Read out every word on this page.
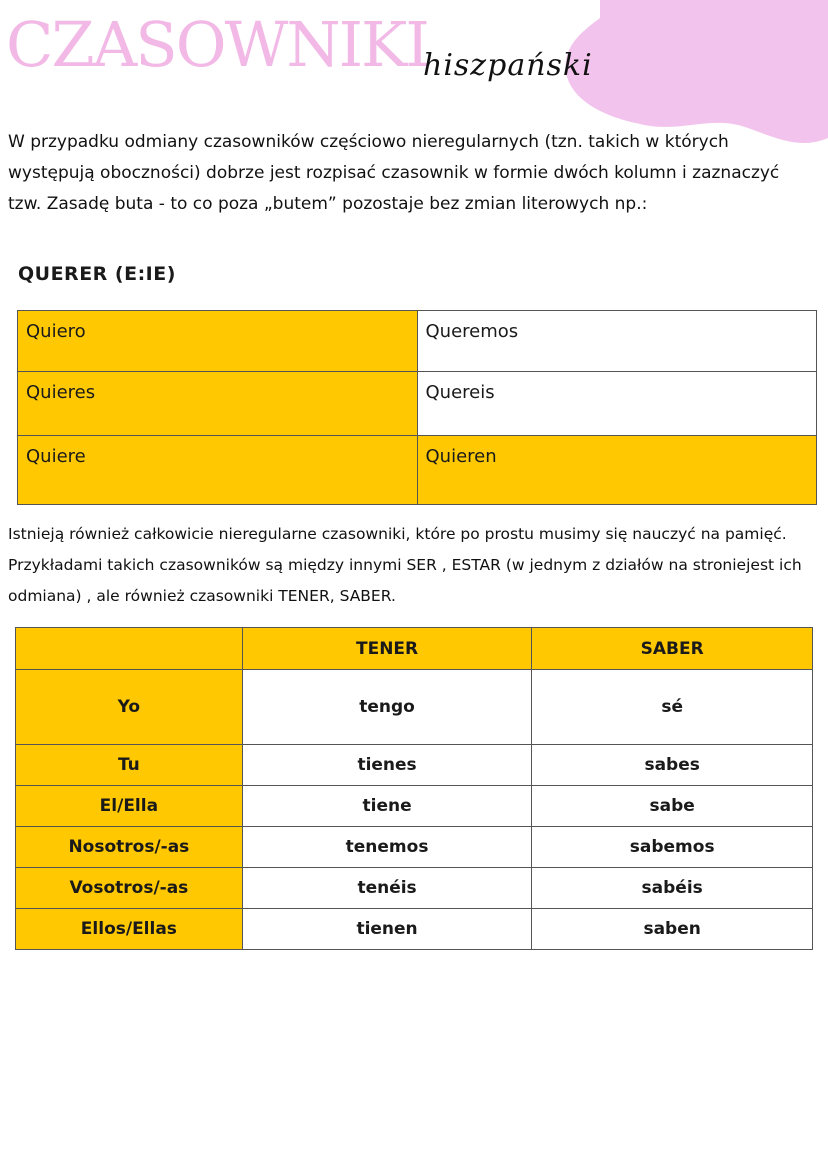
CZASOWNIKI
hiszpański

W przypadku odmiany czasowników częściowo nieregularnych (tzn. takich w których występują oboczności) dobrze jest rozpisać czasownik w formie dwóch kolumn i zaznaczyć tzw. Zasadę buta - to co poza „butem” pozostaje bez zmian literowych np.:

QUERER (E:IE)
Quiero	Queremos
Quieres	Quereis
Quiere	Quieren

Istnieją również całkowicie nieregularne czasowniki, które po prostu musimy się nauczyć na pamięć. Przykładami takich czasowników są między innymi SER , ESTAR (w jednym z działów na stroniejest ich odmiana) , ale również czasowniki TENER, SABER.

	TENER	SABER
Yo	tengo	sé
Tu	tienes	sabes
El/Ella	tiene	sabe
Nosotros/-as	tenemos	sabemos
Vosotros/-as	tenéis	sabéis
Ellos/Ellas	tienen	saben
